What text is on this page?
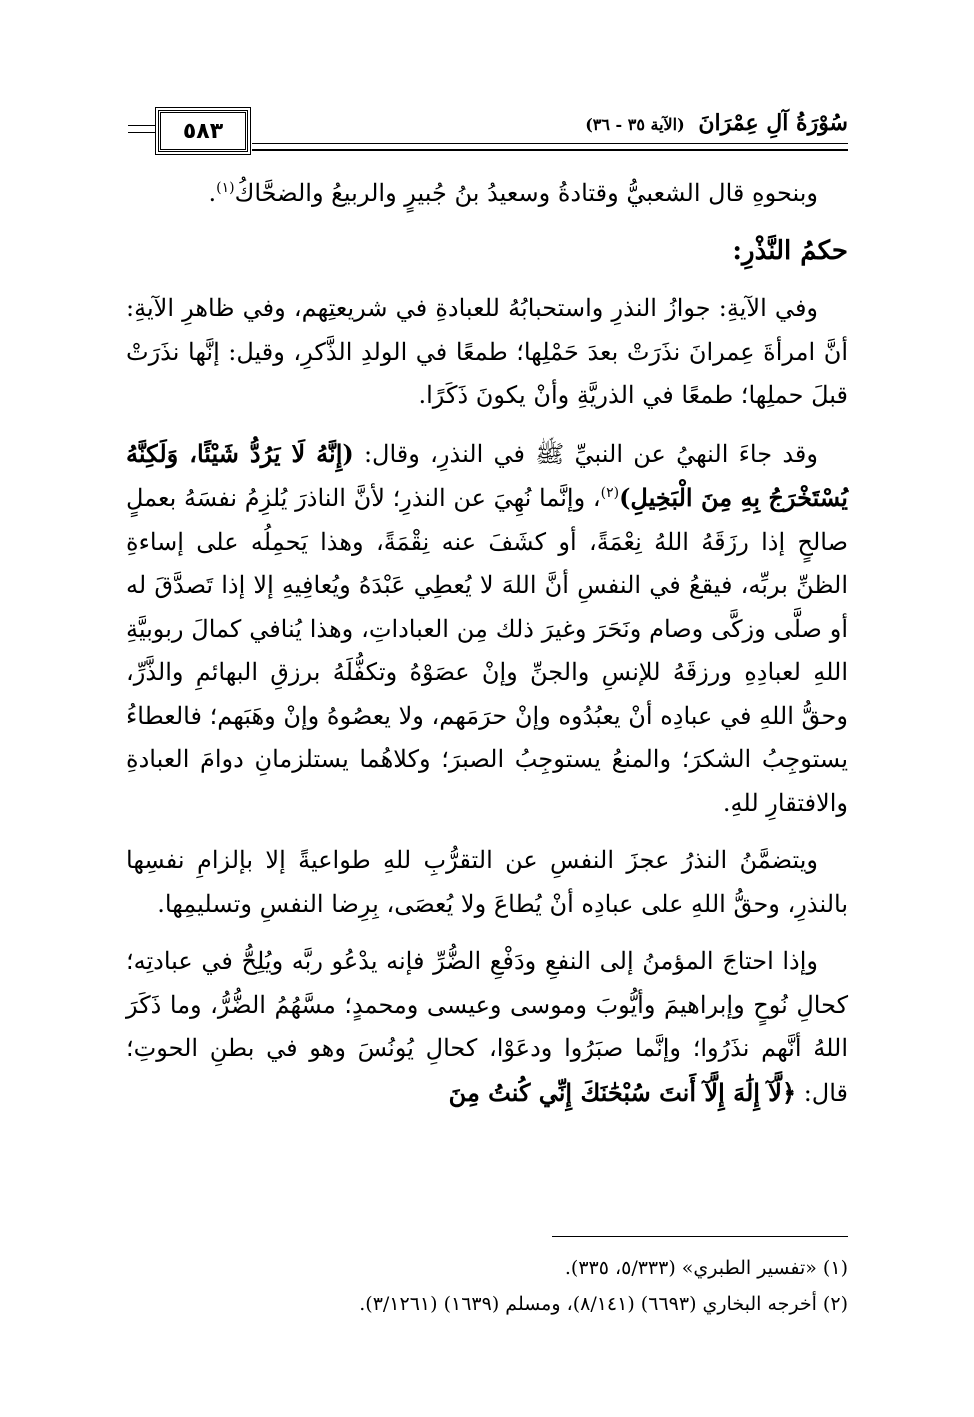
٥٨٣	سُوْرَةُ آلِ عِمْرَانَ (الآية ٣٥ - ٣٦)

وبنحوهِ قال الشعبيُّ وقتادةُ وسعيدُ بنُ جُبيرٍ والربيعُ والضحَّاكُ$^{(١)}$.

حكمُ النَّذْرِ:

وفي الآيةِ: جوازُ النذرِ واستحبابُهُ للعبادةِ في شريعتِهم، وفي ظاهرِ الآيةِ: أنَّ امرأةَ عِمرانَ نذَرَتْ بعدَ حَمْلِها؛ طمعًا في الولدِ الذَّكرِ، وقيل: إنَّها نذَرَتْ قبلَ حملِها؛ طمعًا في الذريَّةِ وأنْ يكونَ ذَكَرًا.

وقد جاءَ النهيُ عن النبيِّ ﷺ في النذرِ، وقال: (إِنَّهُ لَا يَرُدُّ شَيْئًا، وَلَكِنَّهُ يُسْتَخْرَجُ بِهِ مِنَ الْبَخِيلِ)$^{(٢)}$، وإنَّما نُهِيَ عن النذرِ؛ لأنَّ الناذرَ يُلزِمُ نفسَهُ بعملٍ صالحٍ إذا رزَقَهُ اللهُ نِعْمَةً، أو كشَفَ عنه نِقْمَةً، وهذا يَحمِلُه على إساءةِ الظنِّ بربِّه، فيقعُ في النفسِ أنَّ اللهَ لا يُعطِي عَبْدَهُ ويُعافِيهِ إلا إذا تَصدَّقَ له أو صلَّى وزكَّى وصام ونَحَرَ وغيرَ ذلك مِن العباداتِ، وهذا يُنافي كمالَ ربوبيَّةِ اللهِ لعبادِهِ ورزقَهُ للإنسِ والجنِّ وإنْ عصَوْهُ وتكفُّلَهُ برزقِ البهائمِ والذَّرِّ، وحقُّ اللهِ في عبادِه أنْ يعبُدُوه وإنْ حرَمَهم، ولا يعصُوهُ وإنْ وهَبَهم؛ فالعطاءُ يستوجِبُ الشكرَ؛ والمنعُ يستوجِبُ الصبرَ؛ وكلاهُما يستلزمانِ دوامَ العبادةِ والافتقارِ للهِ.

ويتضمَّنُ النذرُ عجزَ النفسِ عن التقرُّبِ للهِ طواعيةً إلا بإلزامِ نفسِها بالنذرِ، وحقُّ اللهِ على عبادِه أنْ يُطاعَ ولا يُعصَى، بِرِضا النفسِ وتسليمِها.

وإذا احتاجَ المؤمنُ إلى النفعِ ودَفْعِ الضُّرِّ فإنه يدْعُو ربَّه ويُلِحُّ في عبادتِه؛ كحالِ نُوحٍ وإبراهيمَ وأيُّوبَ وموسى وعيسى ومحمدٍ؛ مسَّهُمُ الضُّرُّ، وما ذَكَرَ اللهُ أنَّهم نذَرُوا؛ وإنَّما صبَرُوا ودعَوْا، كحالِ يُونُسَ وهو في بطنِ الحوتِ؛ قال: ﴿لَّآ إِلَٰهَ إِلَّآ أَنتَ سُبْحَٰنَكَ إِنِّي كُنتُ مِنَ

(١) «تفسير الطبري» (٥/٣٣٣، ٣٣٥).

(٢) أخرجه البخاري (٦٦٩٣) (٨/١٤١)، ومسلم (١٦٣٩) (٣/١٢٦١).
